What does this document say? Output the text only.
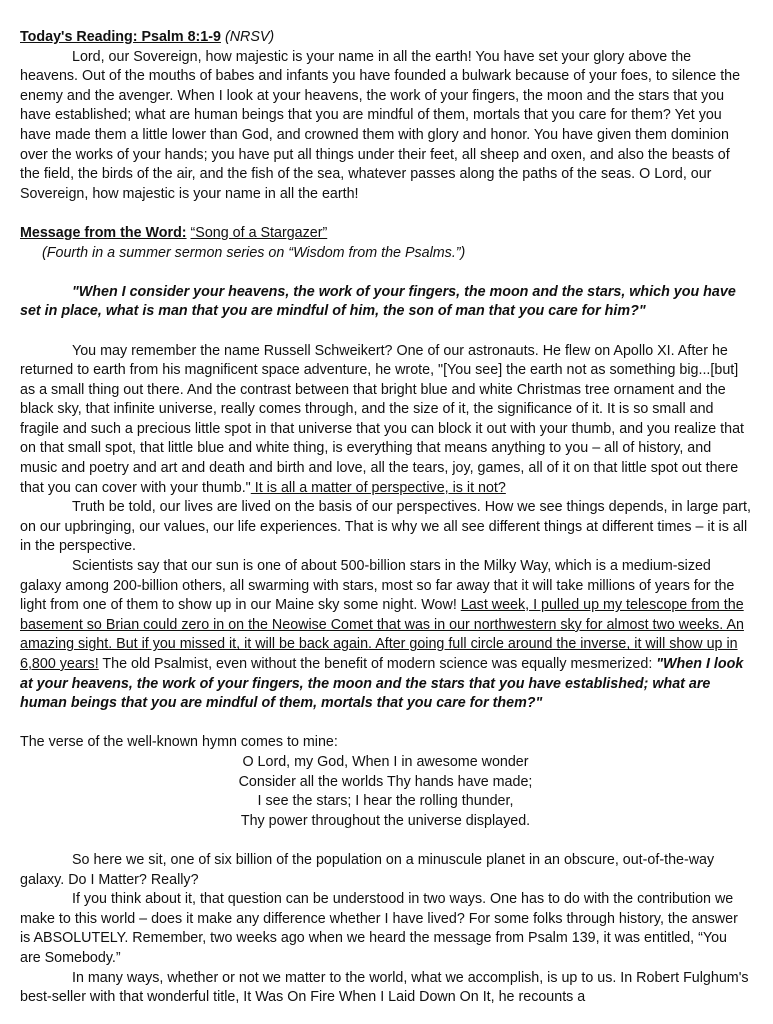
Today's Reading: Psalm 8:1-9 (NRSV)

Lord, our Sovereign, how majestic is your name in all the earth! You have set your glory above the heavens. Out of the mouths of babes and infants you have founded a bulwark because of your foes, to silence the enemy and the avenger. When I look at your heavens, the work of your fingers, the moon and the stars that you have established; what are human beings that you are mindful of them, mortals that you care for them? Yet you have made them a little lower than God, and crowned them with glory and honor. You have given them dominion over the works of your hands; you have put all things under their feet, all sheep and oxen, and also the beasts of the field, the birds of the air, and the fish of the sea, whatever passes along the paths of the seas. O Lord, our Sovereign, how majestic is your name in all the earth!

Message from the Word: “Song of a Stargazer”

(Fourth in a summer sermon series on “Wisdom from the Psalms.”)

"When I consider your heavens, the work of your fingers, the moon and the stars, which you have set in place, what is man that you are mindful of him, the son of man that you care for him?"

You may remember the name Russell Schweikert? One of our astronauts. He flew on Apollo XI. After he returned to earth from his magnificent space adventure, he wrote, "[You see] the earth not as something big...[but] as a small thing out there. And the contrast between that bright blue and white Christmas tree ornament and the black sky, that infinite universe, really comes through, and the size of it, the significance of it. It is so small and fragile and such a precious little spot in that universe that you can block it out with your thumb, and you realize that on that small spot, that little blue and white thing, is everything that means anything to you – all of history, and music and poetry and art and death and birth and love, all the tears, joy, games, all of it on that little spot out there that you can cover with your thumb." It is all a matter of perspective, is it not?

Truth be told, our lives are lived on the basis of our perspectives. How we see things depends, in large part, on our upbringing, our values, our life experiences. That is why we all see different things at different times – it is all in the perspective.

Scientists say that our sun is one of about 500-billion stars in the Milky Way, which is a medium-sized galaxy among 200-billion others, all swarming with stars, most so far away that it will take millions of years for the light from one of them to show up in our Maine sky some night. Wow! Last week, I pulled up my telescope from the basement so Brian could zero in on the Neowise Comet that was in our northwestern sky for almost two weeks. An amazing sight. But if you missed it, it will be back again. After going full circle around the inverse, it will show up in 6,800 years! The old Psalmist, even without the benefit of modern science was equally mesmerized: "When I look at your heavens, the work of your fingers, the moon and the stars that you have established; what are human beings that you are mindful of them, mortals that you care for them?"

The verse of the well-known hymn comes to mine:

O Lord, my God, When I in awesome wonder

Consider all the worlds Thy hands have made;

I see the stars; I hear the rolling thunder,

Thy power throughout the universe displayed.

So here we sit, one of six billion of the population on a minuscule planet in an obscure, out-of-the-way galaxy. Do I Matter? Really?

If you think about it, that question can be understood in two ways. One has to do with the contribution we make to this world – does it make any difference whether I have lived? For some folks through history, the answer is ABSOLUTELY. Remember, two weeks ago when we heard the message from Psalm 139, it was entitled, “You are Somebody.”

In many ways, whether or not we matter to the world, what we accomplish, is up to us. In Robert Fulghum's best-seller with that wonderful title, It Was On Fire When I Laid Down On It, he recounts a
